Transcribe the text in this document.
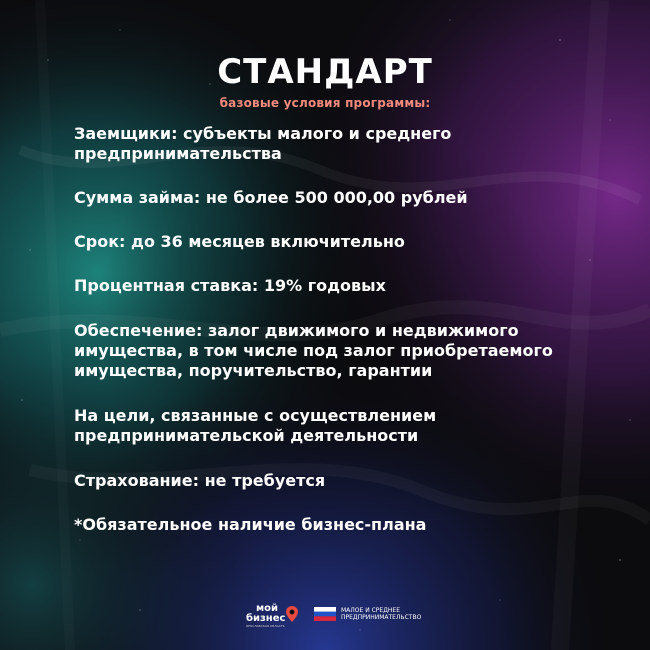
СТАНДАРТ
базовые условия программы:
Заемщики: субъекты малого и среднего предпринимательства
Сумма займа: не более 500 000,00 рублей
Срок: до 36 месяцев включительно
Процентная ставка: 19% годовых
Обеспечение: залог движимого и недвижимого имущества, в том числе под залог приобретаемого имущества, поручительство, гарантии
На цели, связанные с осуществлением предпринимательской деятельности
Страхование: не требуется
*Обязательное наличие бизнес-плана
мой
бизнес
ЯРОСЛАВСКАЯ ОБЛАСТЬ
МАЛОЕ И СРЕДНЕЕ
ПРЕДПРИНИМАТЕЛЬСТВО
